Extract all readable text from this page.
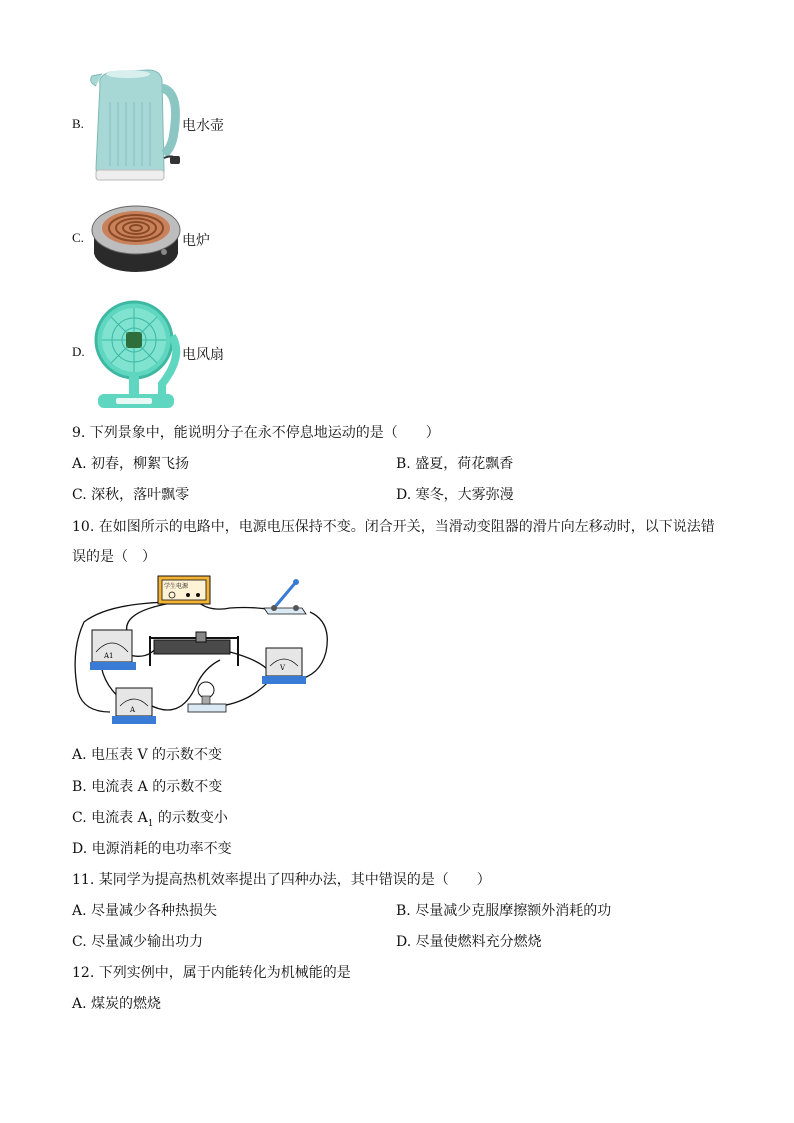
B.	电水壶
C.	电炉
D.	电风扇
9. 下列景象中，能说明分子在永不停息地运动的是（　　）
A. 初春，柳絮飞扬	B. 盛夏，荷花飘香
C. 深秋，落叶飘零	D. 寒冬，大雾弥漫
10. 在如图所示的电路中，电源电压保持不变。闭合开关，当滑动变阻器的滑片向左移动时，以下说法错
误的是（　）
学生电源
A1
A
V
A. 电压表 V 的示数不变
B. 电流表 A 的示数不变
C. 电流表 $A_1$ 的示数变小
D. 电源消耗的电功率不变
11. 某同学为提高热机效率提出了四种办法，其中错误的是（　　）
A. 尽量减少各种热损失	B. 尽量减少克服摩擦额外消耗的功
C. 尽量减少输出功力	D. 尽量使燃料充分燃烧
12. 下列实例中，属于内能转化为机械能的是
A. 煤炭的燃烧
